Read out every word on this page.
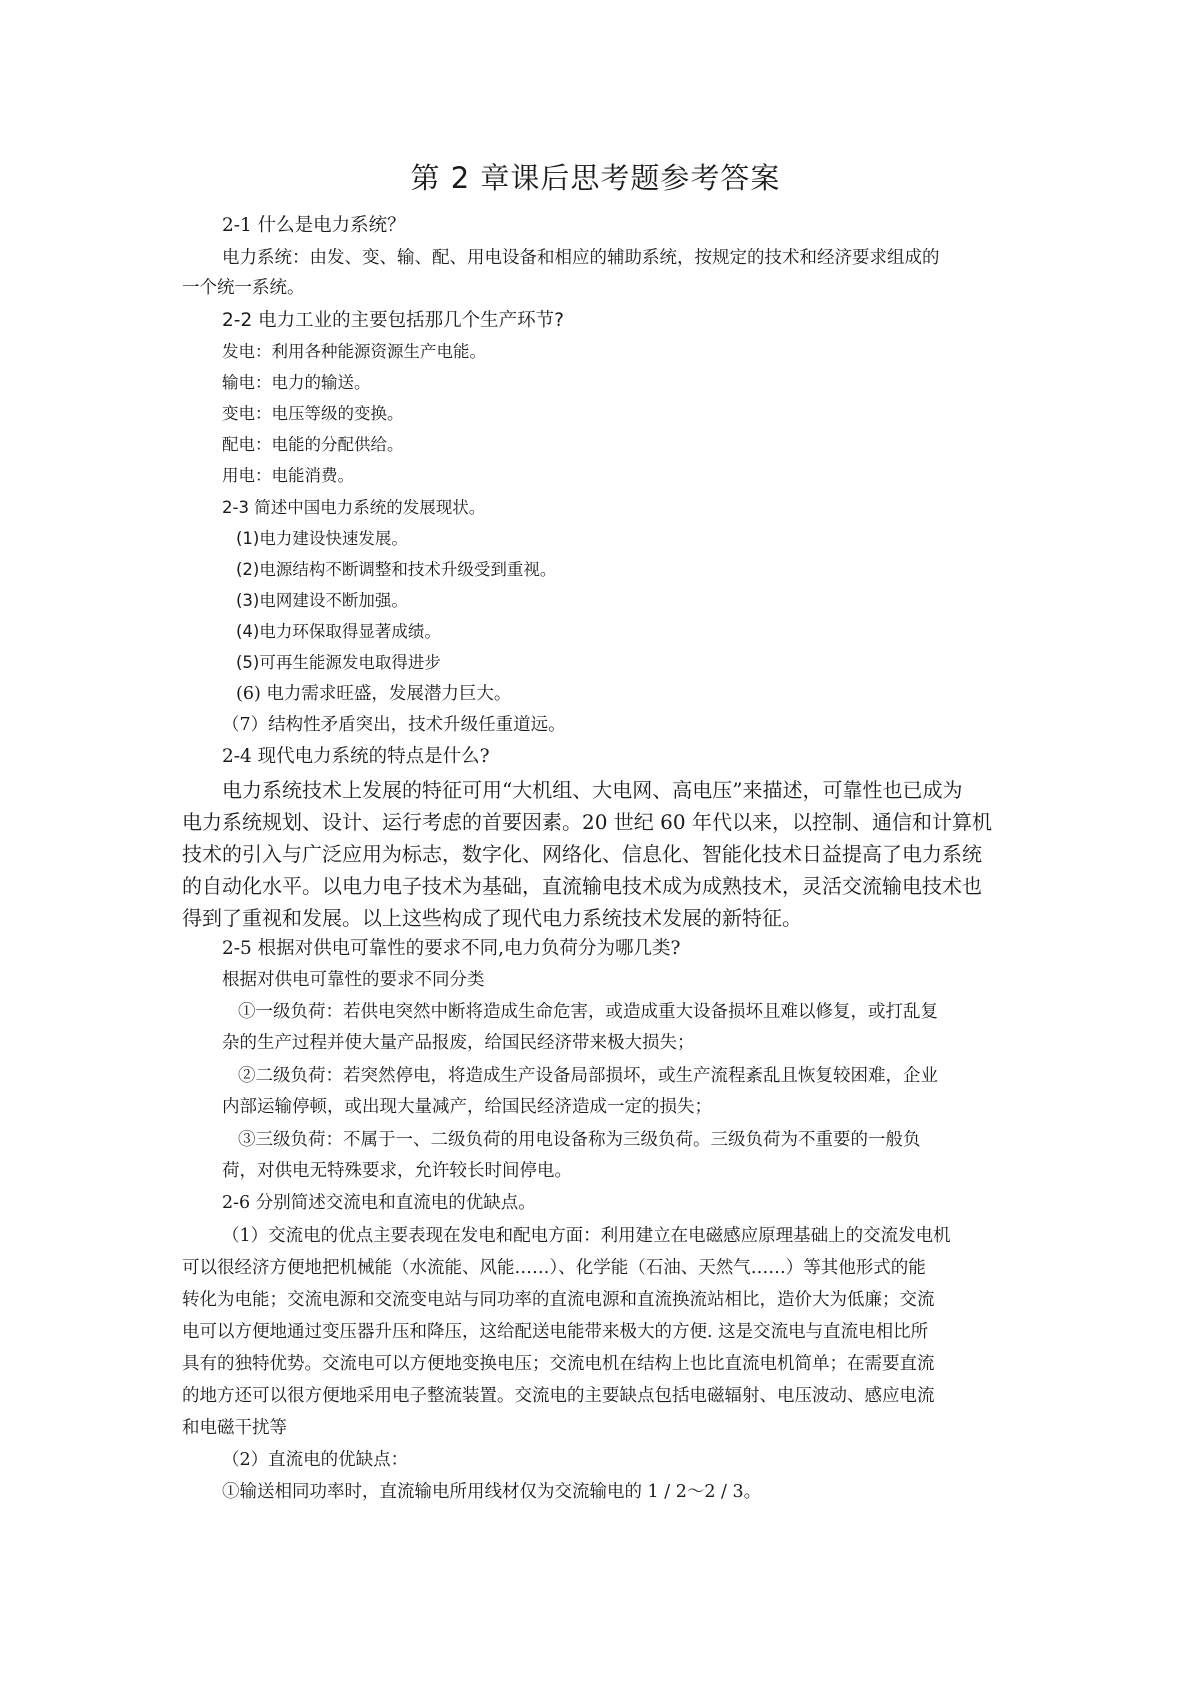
第 2 章课后思考题参考答案
2-1 什么是电力系统？
电力系统：由发、变、输、配、用电设备和相应的辅助系统，按规定的技术和经济要求组成的
一个统一系统。
2-2 电力工业的主要包括那几个生产环节?
发电：利用各种能源资源生产电能。
输电：电力的输送。
变电：电压等级的变换。
配电：电能的分配供给。
用电：电能消费。
2-3 简述中国电力系统的发展现状。
(1)电力建设快速发展。
(2)电源结构不断调整和技术升级受到重视。
(3)电网建设不断加强。
(4)电力环保取得显著成绩。
(5)可再生能源发电取得进步
(6) 电力需求旺盛，发展潜力巨大。
（7）结构性矛盾突出，技术升级任重道远。
2-4 现代电力系统的特点是什么?
电力系统技术上发展的特征可用“大机组、大电网、高电压”来描述，可靠性也已成为
电力系统规划、设计、运行考虑的首要因素。20 世纪 60 年代以来，以控制、通信和计算机
技术的引入与广泛应用为标志，数字化、网络化、信息化、智能化技术日益提高了电力系统
的自动化水平。以电力电子技术为基础，直流输电技术成为成熟技术，灵活交流输电技术也
得到了重视和发展。以上这些构成了现代电力系统技术发展的新特征。
2-5 根据对供电可靠性的要求不同,电力负荷分为哪几类?
根据对供电可靠性的要求不同分类
①一级负荷：若供电突然中断将造成生命危害，或造成重大设备损坏且难以修复，或打乱复
杂的生产过程并使大量产品报废，给国民经济带来极大损失；
②二级负荷：若突然停电，将造成生产设备局部损坏，或生产流程紊乱且恢复较困难，企业
内部运输停顿，或出现大量减产，给国民经济造成一定的损失；
③三级负荷：不属于一、二级负荷的用电设备称为三级负荷。三级负荷为不重要的一般负
荷，对供电无特殊要求，允许较长时间停电。
2-6 分别简述交流电和直流电的优缺点。
（1）交流电的优点主要表现在发电和配电方面：利用建立在电磁感应原理基础上的交流发电机
可以很经济方便地把机械能（水流能、风能……）、化学能（石油、天然气……）等其他形式的能
转化为电能；交流电源和交流变电站与同功率的直流电源和直流换流站相比，造价大为低廉；交流
电可以方便地通过变压器升压和降压，这给配送电能带来极大的方便. 这是交流电与直流电相比所
具有的独特优势。交流电可以方便地变换电压；交流电机在结构上也比直流电机简单；在需要直流
的地方还可以很方便地采用电子整流装置。交流电的主要缺点包括电磁辐射、电压波动、感应电流
和电磁干扰等
（2）直流电的优缺点：
①输送相同功率时，直流输电所用线材仅为交流输电的 1 / 2～2 / 3。
